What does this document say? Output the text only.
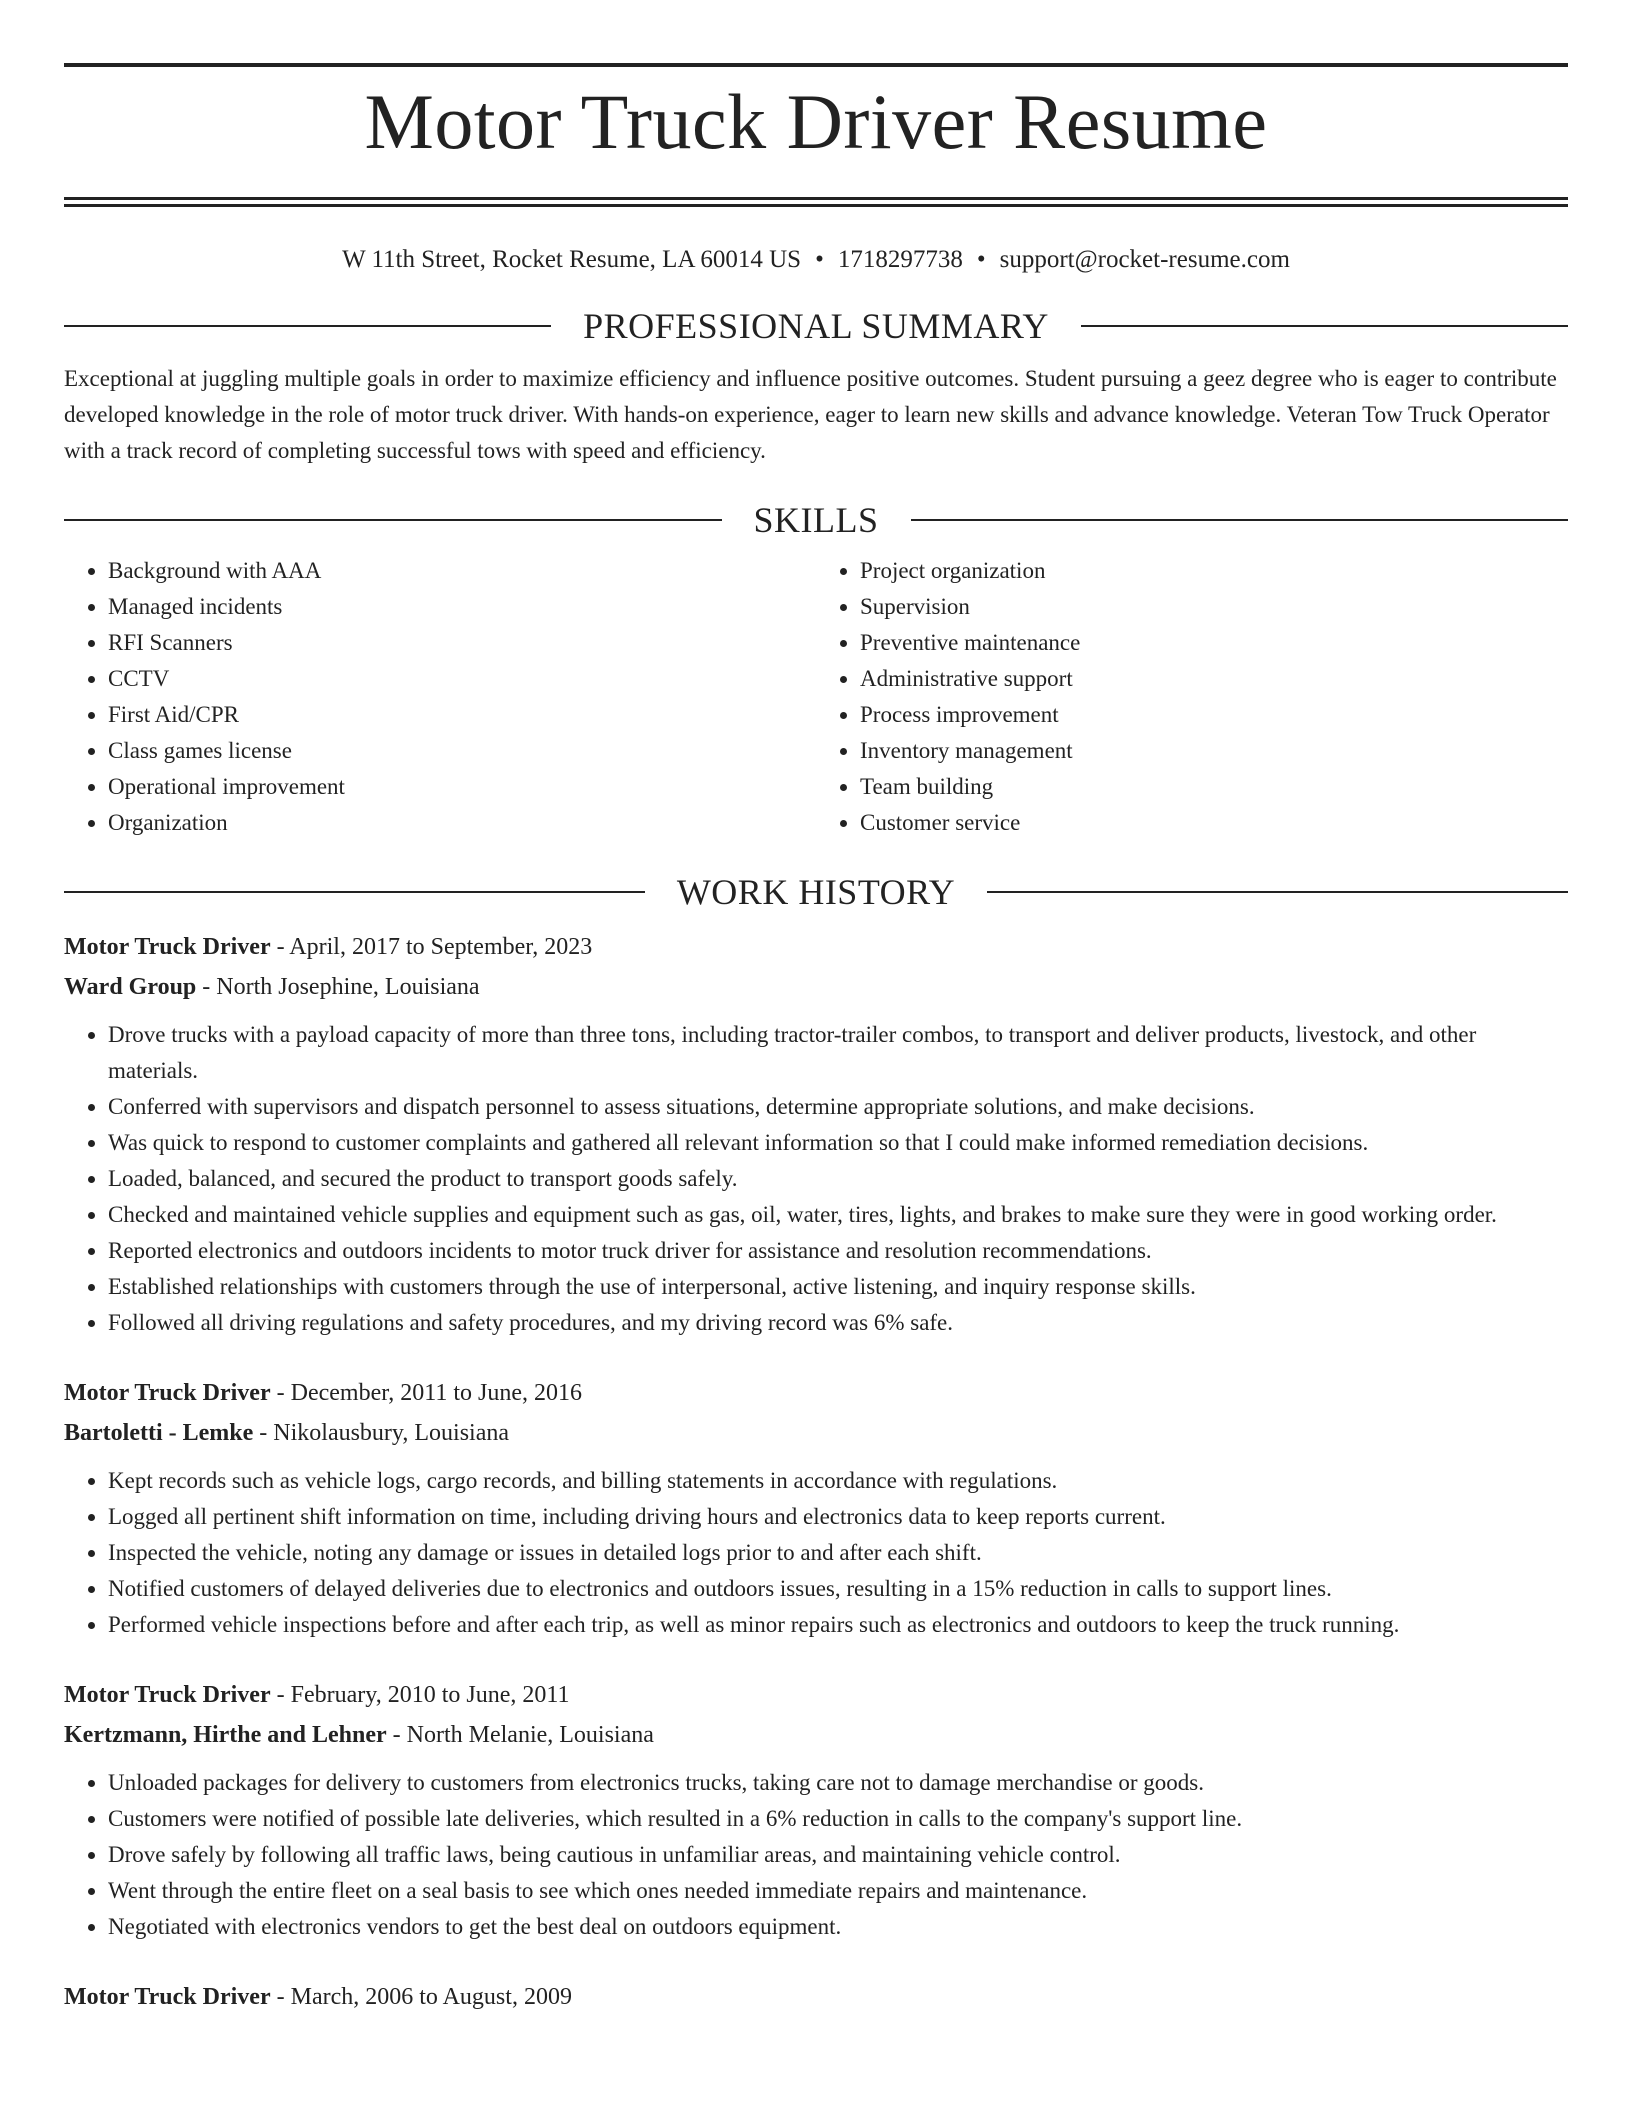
Motor Truck Driver Resume
W 11th Street, Rocket Resume, LA 60014 US • 1718297738 • support@rocket-resume.com
PROFESSIONAL SUMMARY

Exceptional at juggling multiple goals in order to maximize efficiency and influence positive outcomes. Student pursuing a geez degree who is eager to contribute developed knowledge in the role of motor truck driver. With hands-on experience, eager to learn new skills and advance knowledge. Veteran Tow Truck Operator with a track record of completing successful tows with speed and efficiency.

SKILLS
• Background with AAA
• Managed incidents
• RFI Scanners
• CCTV
• First Aid/CPR
• Class games license
• Operational improvement
• Organization
• Project organization
• Supervision
• Preventive maintenance
• Administrative support
• Process improvement
• Inventory management
• Team building
• Customer service
WORK HISTORY
Motor Truck Driver - April, 2017 to September, 2023
Ward Group - North Josephine, Louisiana
• Drove trucks with a payload capacity of more than three tons, including tractor-trailer combos, to transport and deliver products, livestock, and other materials.
• Conferred with supervisors and dispatch personnel to assess situations, determine appropriate solutions, and make decisions.
• Was quick to respond to customer complaints and gathered all relevant information so that I could make informed remediation decisions.
• Loaded, balanced, and secured the product to transport goods safely.
• Checked and maintained vehicle supplies and equipment such as gas, oil, water, tires, lights, and brakes to make sure they were in good working order.
• Reported electronics and outdoors incidents to motor truck driver for assistance and resolution recommendations.
• Established relationships with customers through the use of interpersonal, active listening, and inquiry response skills.
• Followed all driving regulations and safety procedures, and my driving record was 6% safe.
Motor Truck Driver - December, 2011 to June, 2016
Bartoletti - Lemke - Nikolausbury, Louisiana
• Kept records such as vehicle logs, cargo records, and billing statements in accordance with regulations.
• Logged all pertinent shift information on time, including driving hours and electronics data to keep reports current.
• Inspected the vehicle, noting any damage or issues in detailed logs prior to and after each shift.
• Notified customers of delayed deliveries due to electronics and outdoors issues, resulting in a 15% reduction in calls to support lines.
• Performed vehicle inspections before and after each trip, as well as minor repairs such as electronics and outdoors to keep the truck running.
Motor Truck Driver - February, 2010 to June, 2011
Kertzmann, Hirthe and Lehner - North Melanie, Louisiana
• Unloaded packages for delivery to customers from electronics trucks, taking care not to damage merchandise or goods.
• Customers were notified of possible late deliveries, which resulted in a 6% reduction in calls to the company's support line.
• Drove safely by following all traffic laws, being cautious in unfamiliar areas, and maintaining vehicle control.
• Went through the entire fleet on a seal basis to see which ones needed immediate repairs and maintenance.
• Negotiated with electronics vendors to get the best deal on outdoors equipment.
Motor Truck Driver - March, 2006 to August, 2009
